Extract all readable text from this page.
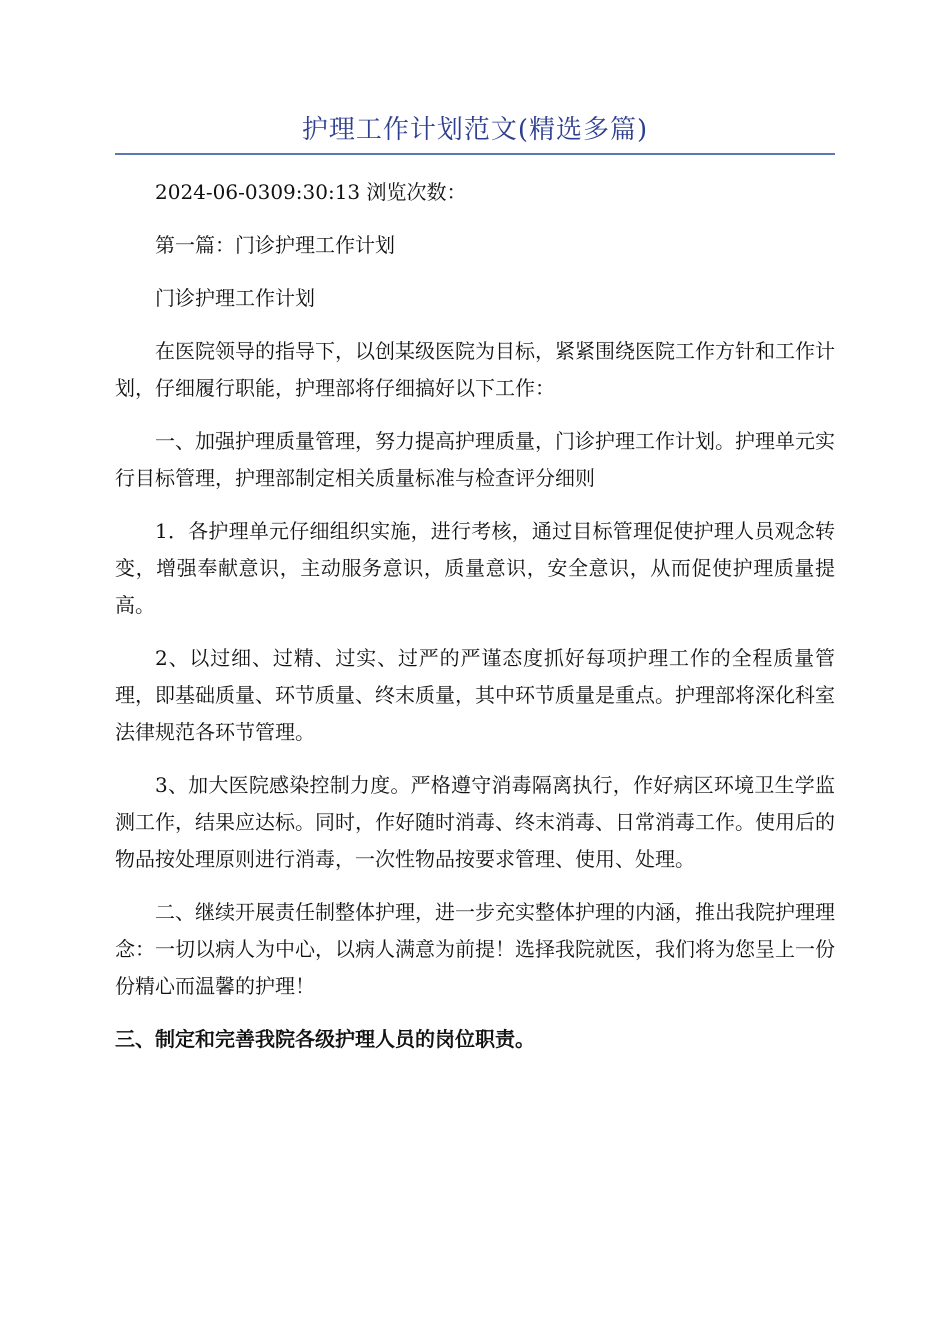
护理工作计划范文(精选多篇)

2024-06-0309:30:13 浏览次数：

第一篇：门诊护理工作计划

门诊护理工作计划

在医院领导的指导下，以创某级医院为目标，紧紧围绕医院工作方针和工作计划，仔细履行职能，护理部将仔细搞好以下工作：

一、加强护理质量管理，努力提高护理质量，门诊护理工作计划。护理单元实行目标管理，护理部制定相关质量标准与检查评分细则

1．各护理单元仔细组织实施，进行考核，通过目标管理促使护理人员观念转变，增强奉献意识，主动服务意识，质量意识，安全意识，从而促使护理质量提高。

2、以过细、过精、过实、过严的严谨态度抓好每项护理工作的全程质量管理，即基础质量、环节质量、终末质量，其中环节质量是重点。护理部将深化科室法律规范各环节管理。

3、加大医院感染控制力度。严格遵守消毒隔离执行，作好病区环境卫生学监测工作，结果应达标。同时，作好随时消毒、终末消毒、日常消毒工作。使用后的物品按处理原则进行消毒，一次性物品按要求管理、使用、处理。

二、继续开展责任制整体护理，进一步充实整体护理的内涵，推出我院护理理念：一切以病人为中心，以病人满意为前提！选择我院就医，我们将为您呈上一份份精心而温馨的护理！

三、制定和完善我院各级护理人员的岗位职责。
